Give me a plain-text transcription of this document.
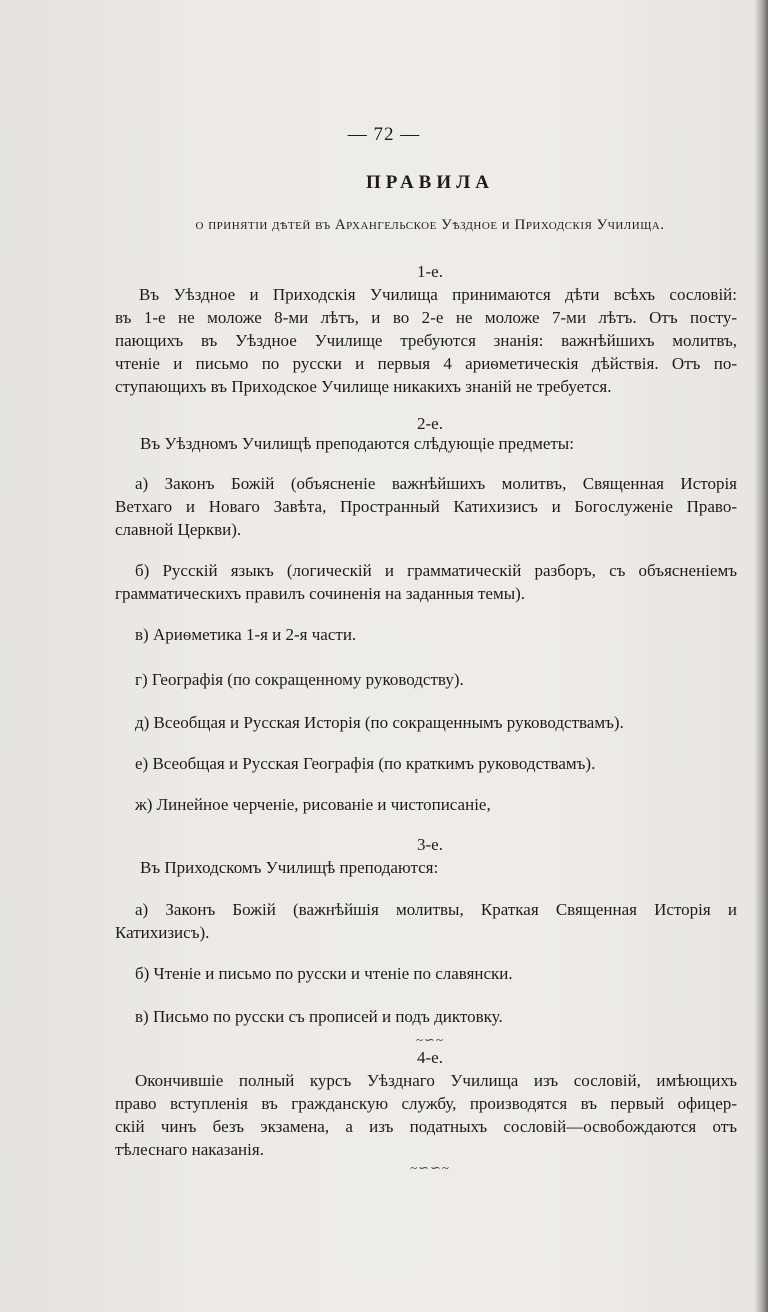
— 72 —
ПРАВИЛА
о принятіи дѣтей въ Архангельское Уѣздное и Приходскія Училища.
1-е.
Въ Уѣздное и Приходскія Училища принимаются дѣти всѣхъ сословій:
въ 1-е не моложе 8-ми лѣтъ, и во 2-е не моложе 7-ми лѣтъ. Отъ посту-
пающихъ въ Уѣздное Училище требуются знанія: важнѣйшихъ молитвъ,
чтеніе и письмо по русски и первыя 4 ариѳметическія дѣйствія. Отъ по-
ступающихъ въ Приходское Училище никакихъ знаній не требуется.
2-е.
Въ Уѣздномъ Училищѣ преподаются слѣдующіе предметы:
а) Законъ Божій (объясненіе важнѣйшихъ молитвъ, Священная Исторія
Ветхаго и Новаго Завѣта, Пространный Катихизисъ и Богослуженіе Право-
славной Церкви).
б) Русскій языкъ (логическій и грамматическій разборъ, съ объясненіемъ
грамматическихъ правилъ сочиненія на заданныя темы).
в) Ариѳметика 1-я и 2-я части.
г) Географія (по сокращенному руководству).
д) Всеобщая и Русская Исторія (по сокращеннымъ руководствамъ).
е) Всеобщая и Русская Географія (по краткимъ руководствамъ).
ж) Линейное черченіе, рисованіе и чистописаніе,
3-е.
Въ Приходскомъ Училищѣ преподаются:
а) Законъ Божій (важнѣйшія молитвы, Краткая Священная Исторія и
Катихизисъ).
б) Чтеніе и письмо по русски и чтеніе по славянски.
в) Письмо по русски съ прописей и подъ диктовку.
~∽~
4-е.
Окончившіе полный курсъ Уѣзднаго Училища изъ сословій, имѣющихъ
право вступленія въ гражданскую службу, производятся въ первый офицер-
скій чинъ безъ экзамена, а изъ податныхъ сословій—освобождаются отъ
тѣлеснаго наказанія.
~∽∽~
